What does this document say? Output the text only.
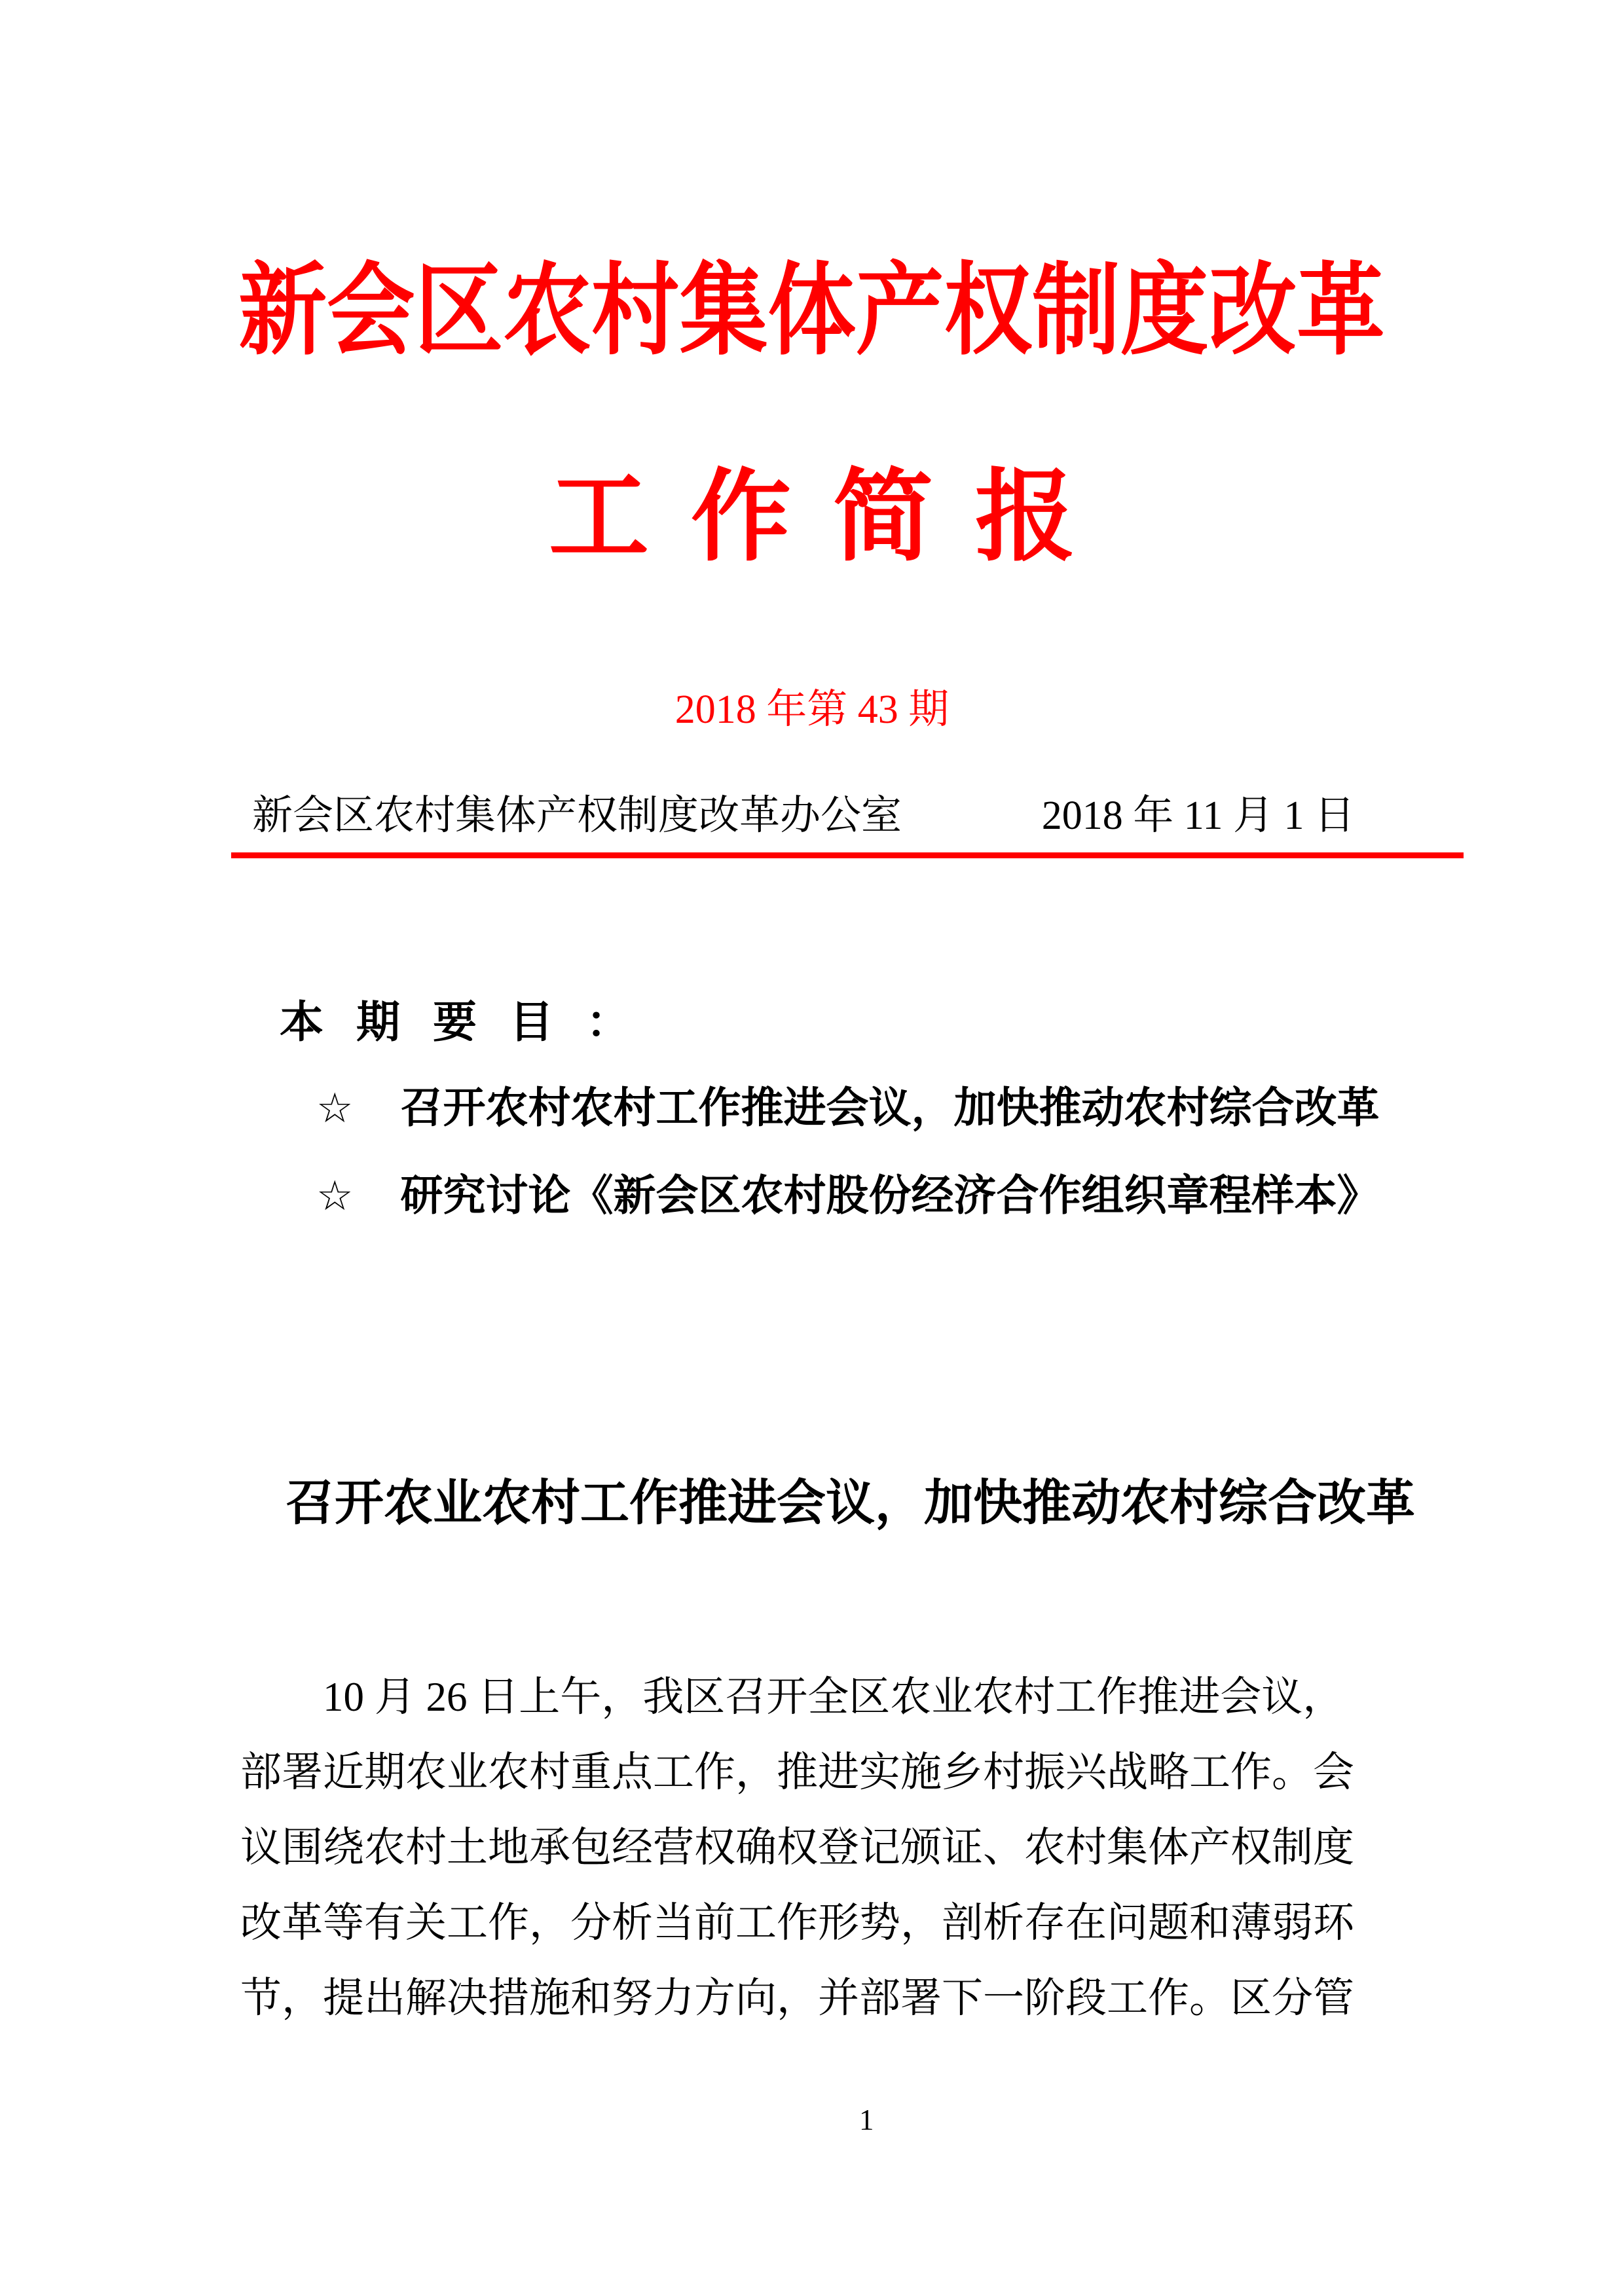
新会区农村集体产权制度改革
工作简报
2018 年第 43 期
新会区农村集体产权制度改革办公室	2018 年 11 月 1 日
本期要目：
☆ 召开农村农村工作推进会议，加快推动农村综合改革
☆ 研究讨论《新会区农村股份经济合作组织章程样本》
召开农业农村工作推进会议，加快推动农村综合改革
10 月 26 日上午，我区召开全区农业农村工作推进会议，
部署近期农业农村重点工作，推进实施乡村振兴战略工作。会
议围绕农村土地承包经营权确权登记颁证、农村集体产权制度
改革等有关工作，分析当前工作形势，剖析存在问题和薄弱环
节，提出解决措施和努力方向，并部署下一阶段工作。区分管
1
